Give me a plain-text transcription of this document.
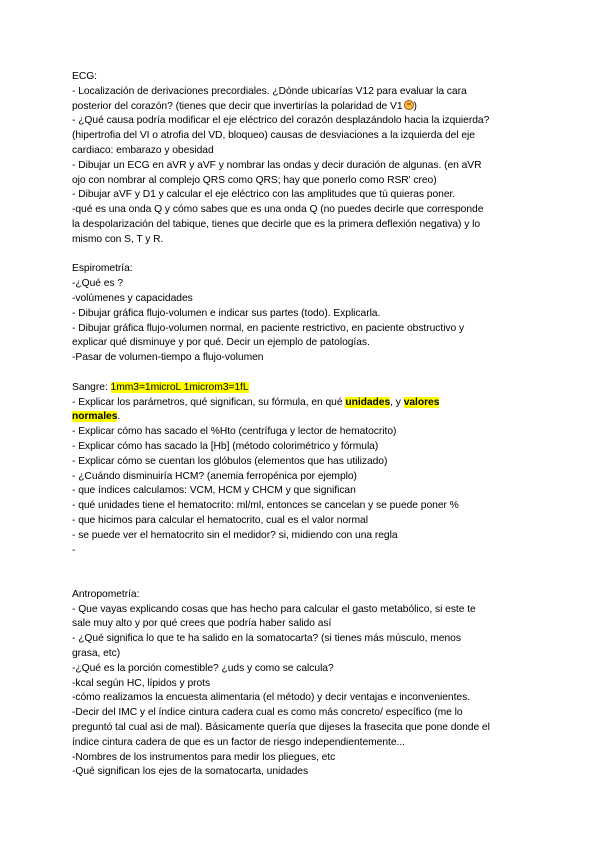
ECG:
- Localización de derivaciones precordiales. ¿Dónde ubicarías V12 para evaluar la cara
posterior del corazón? (tienes que decir que invertirías la polaridad de V1 )
- ¿Qué causa podría modificar el eje eléctrico del corazón desplazándolo hacia la izquierda?
(hipertrofia del VI o atrofia del VD, bloqueo) causas de desviaciones a la izquierda del eje
cardiaco: embarazo y obesidad
- Dibujar un ECG en aVR y aVF y nombrar las ondas y decir duración de algunas. (en aVR
ojo con nombrar al complejo QRS como QRS; hay que ponerlo como RSR' creo)
- Dibujar aVF y D1 y calcular el eje eléctrico con las amplitudes que tú quieras poner.
-qué es una onda Q y cómo sabes que es una onda Q (no puedes decirle que corresponde
la despolarización del tabique, tienes que decirle que es la primera deflexión negativa) y lo
mismo con S, T y R.
Espirometría:
-¿Qué es ?
-volúmenes y capacidades
- Dibujar gráfica flujo-volumen e indicar sus partes (todo). Explicarla.
- Dibujar gráfica flujo-volumen normal, en paciente restrictivo, en paciente obstructivo y
explicar qué disminuye y por qué. Decir un ejemplo de patologías.
-Pasar de volumen-tiempo a flujo-volumen
Sangre: 1mm3=1microL 1microm3=1fL
- Explicar los parámetros, qué significan, su fórmula, en qué unidades, y valores
normales.
- Explicar cómo has sacado el %Hto (centrífuga y lector de hematocrito)
- Explicar cómo has sacado la [Hb] (método colorimétrico y fórmula)
- Explicar cómo se cuentan los glóbulos (elementos que has utilizado)
- ¿Cuándo disminuiría HCM? (anemia ferropénica por ejemplo)
- que índices calculamos: VCM, HCM y CHCM y que significan
- qué unidades tiene el hematocrito: ml/ml, entonces se cancelan y se puede poner %
- que hicimos para calcular el hematocrito, cual es el valor normal
- se puede ver el hematocrito sin el medidor? si, midiendo con una regla
-
Antropometría:
- Que vayas explicando cosas que has hecho para calcular el gasto metabólico, si este te
sale muy alto y por qué crees que podría haber salido así
- ¿Qué significa lo que te ha salido en la somatocarta? (si tienes más músculo, menos
grasa, etc)
-¿Qué es la porción comestible? ¿uds y como se calcula?
-kcal según HC, lípidos y prots
-cómo realizamos la encuesta alimentaria (el método) y decir ventajas e inconvenientes.
-Decir del IMC y el índice cintura cadera cual es como más concreto/ específico (me lo
preguntó tal cual asi de mal). Básicamente quería que dijeses la frasecita que pone donde el
índice cintura cadera de que es un factor de riesgo independientemente...
-Nombres de los instrumentos para medir los pliegues, etc
-Qué significan los ejes de la somatocarta, unidades
